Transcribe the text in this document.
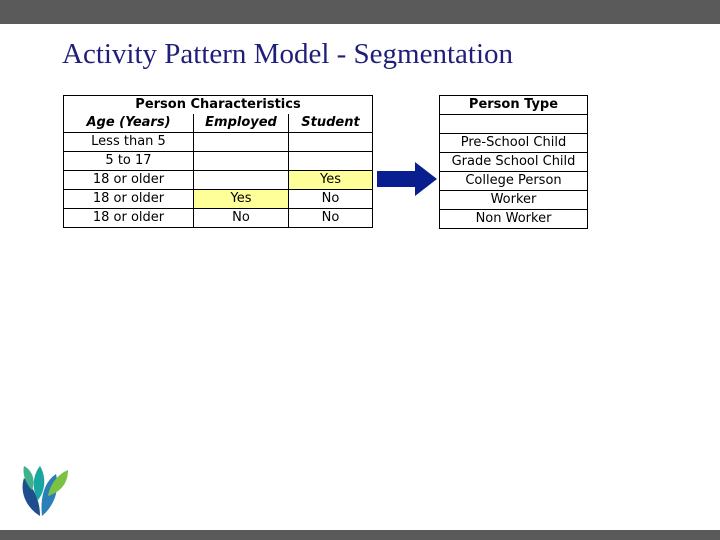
Activity Pattern Model - Segmentation
Person Characteristics		
Age (Years)	Employed	Student
Less than 5		
5 to 17		
18 or older		Yes
18 or older	Yes	No
18 or older	No	No
Person Type

Pre-School Child
Grade School Child
College Person
Worker
Non Worker
